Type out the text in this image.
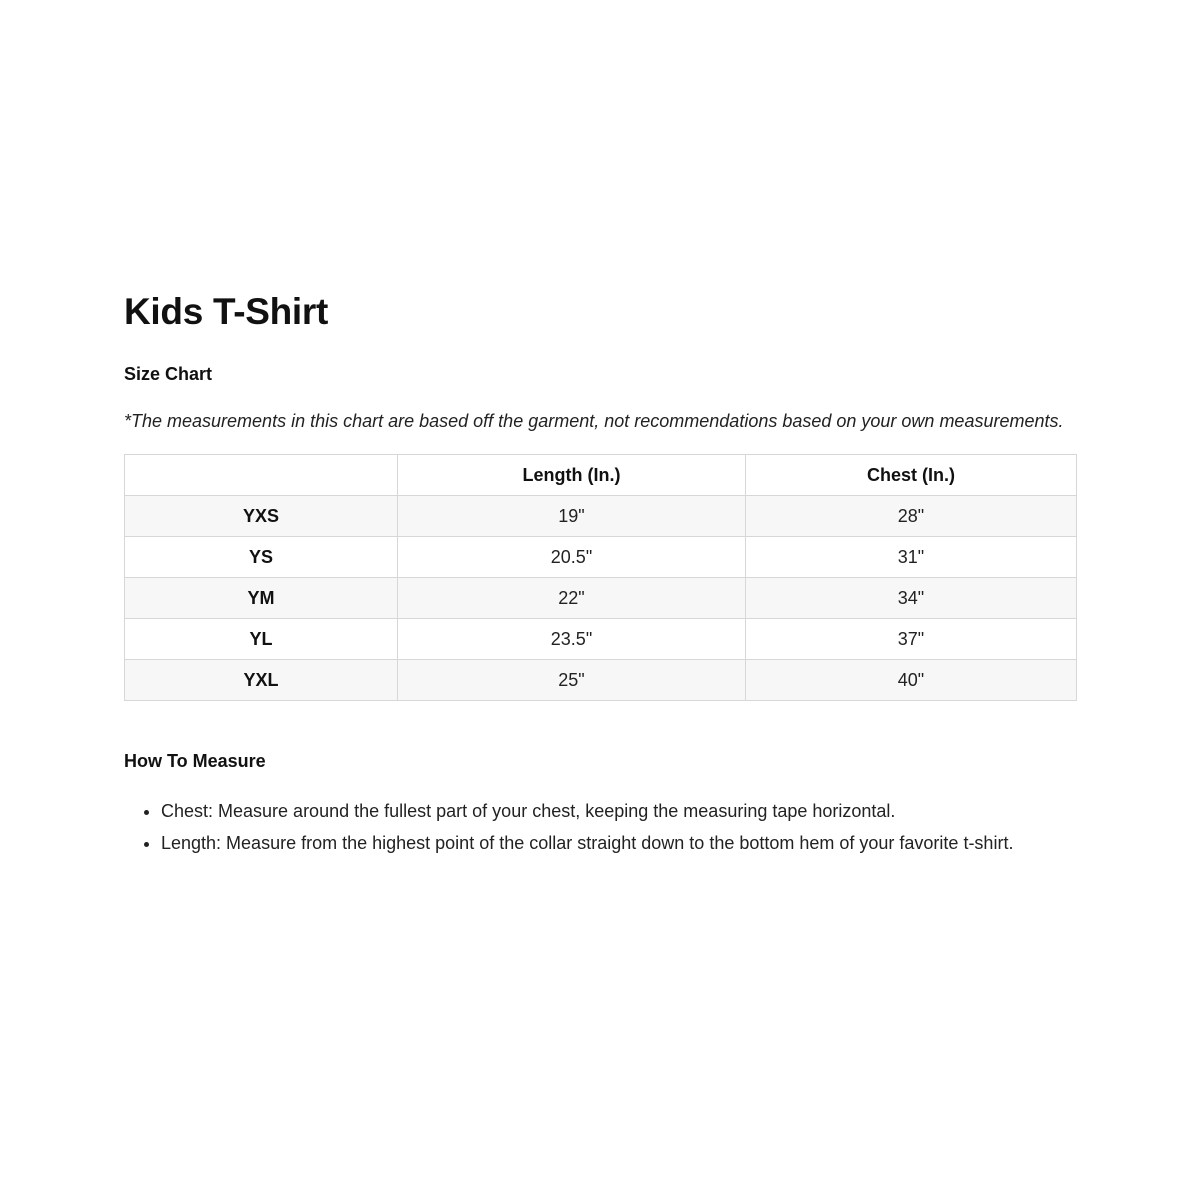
Kids T-Shirt
Size Chart

*The measurements in this chart are based off the garment, not recommendations based on your own measurements.

	Length (In.)	Chest (In.)
YXS	19"	28"
YS	20.5"	31"
YM	22"	34"
YL	23.5"	37"
YXL	25"	40"
How To Measure
• Chest: Measure around the fullest part of your chest, keeping the measuring tape horizontal.
• Length: Measure from the highest point of the collar straight down to the bottom hem of your favorite t-shirt.
